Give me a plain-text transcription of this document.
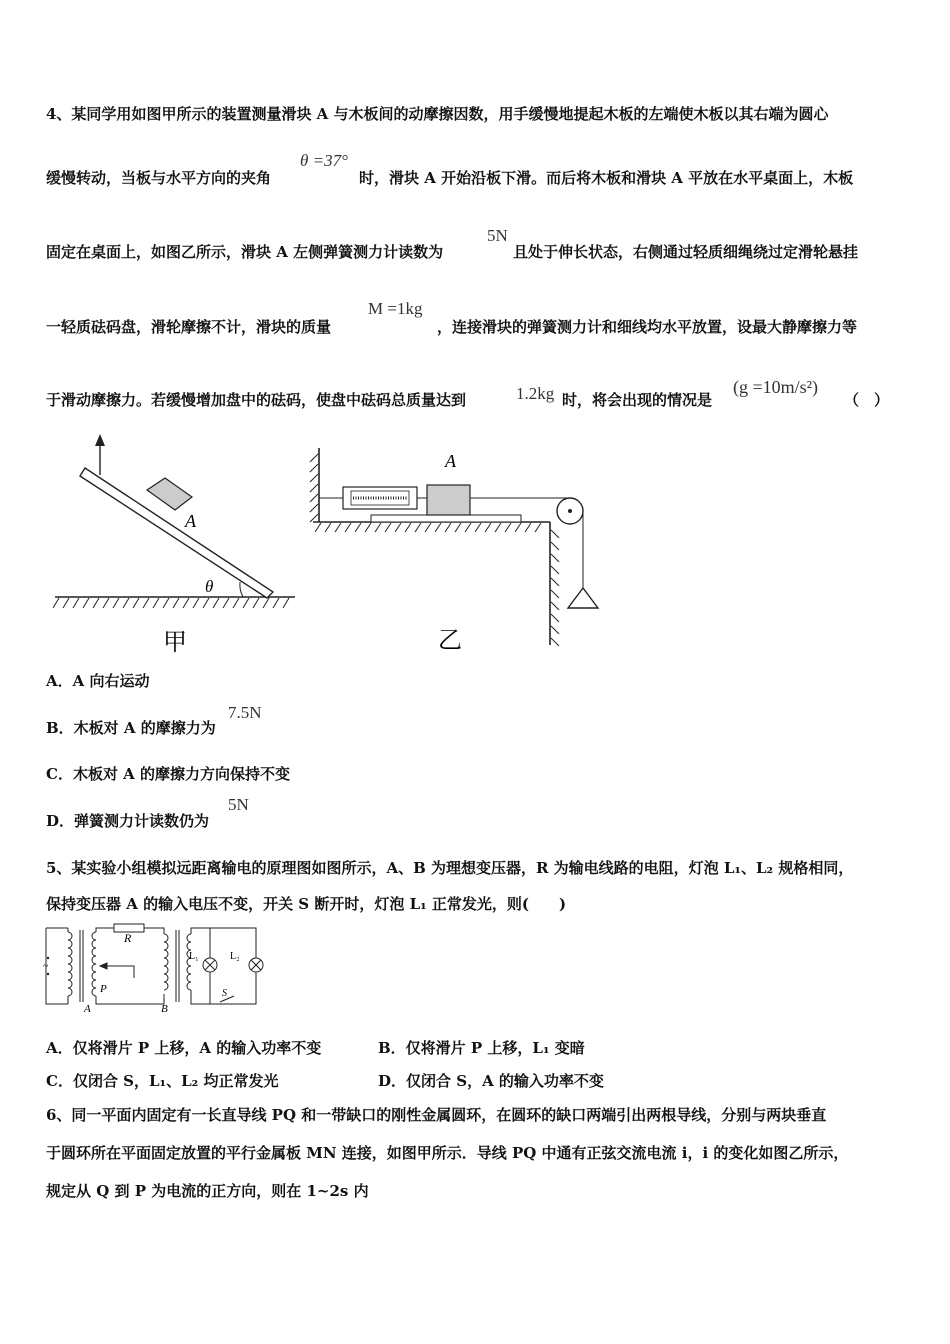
4、某同学用如图甲所示的装置测量滑块 A 与木板间的动摩擦因数，用手缓慢地提起木板的左端使木板以其右端为圆心
缓慢转动，当板与水平方向的夹角
θ =37°
时，滑块 A 开始沿板下滑。而后将木板和滑块 A 平放在水平桌面上，木板
固定在桌面上，如图乙所示，滑块 A 左侧弹簧测力计读数为
5N
且处于伸长状态，右侧通过轻质细绳绕过定滑轮悬挂
一轻质砝码盘，滑轮摩擦不计，滑块的质量
M =1kg
，连接滑块的弹簧测力计和细线均水平放置，设最大静摩擦力等
于滑动摩擦力。若缓慢增加盘中的砝码，使盘中砝码总质量达到	1.2kg 时，将会出现的情况是
(g =10m/s²)
（　）
A
θ
甲
A
乙
A．A 向右运动
B．木板对 A 的摩擦力为
7.5N
C．木板对 A 的摩擦力方向保持不变
D．弹簧测力计读数仍为
5N
5、某实验小组模拟远距离输电的原理图如图所示，A、B 为理想变压器，R 为输电线路的电阻，灯泡 L₁、L₂ 规格相同，
保持变压器 A 的输入电压不变，开关 S 断开时，灯泡 L₁ 正常发光，则(　　)
~
R
P
A	B
L₁	L₂
S
A．仅将滑片 P 上移，A 的输入功率不变	B．仅将滑片 P 上移，L₁ 变暗
C．仅闭合 S，L₁、L₂ 均正常发光	D．仅闭合 S，A 的输入功率不变
6、同一平面内固定有一长直导线 PQ 和一带缺口的刚性金属圆环，在圆环的缺口两端引出两根导线，分别与两块垂直
于圆环所在平面固定放置的平行金属板 MN 连接，如图甲所示．导线 PQ 中通有正弦交流电流 i，i 的变化如图乙所示，
规定从 Q 到 P 为电流的正方向，则在 1~2s 内
